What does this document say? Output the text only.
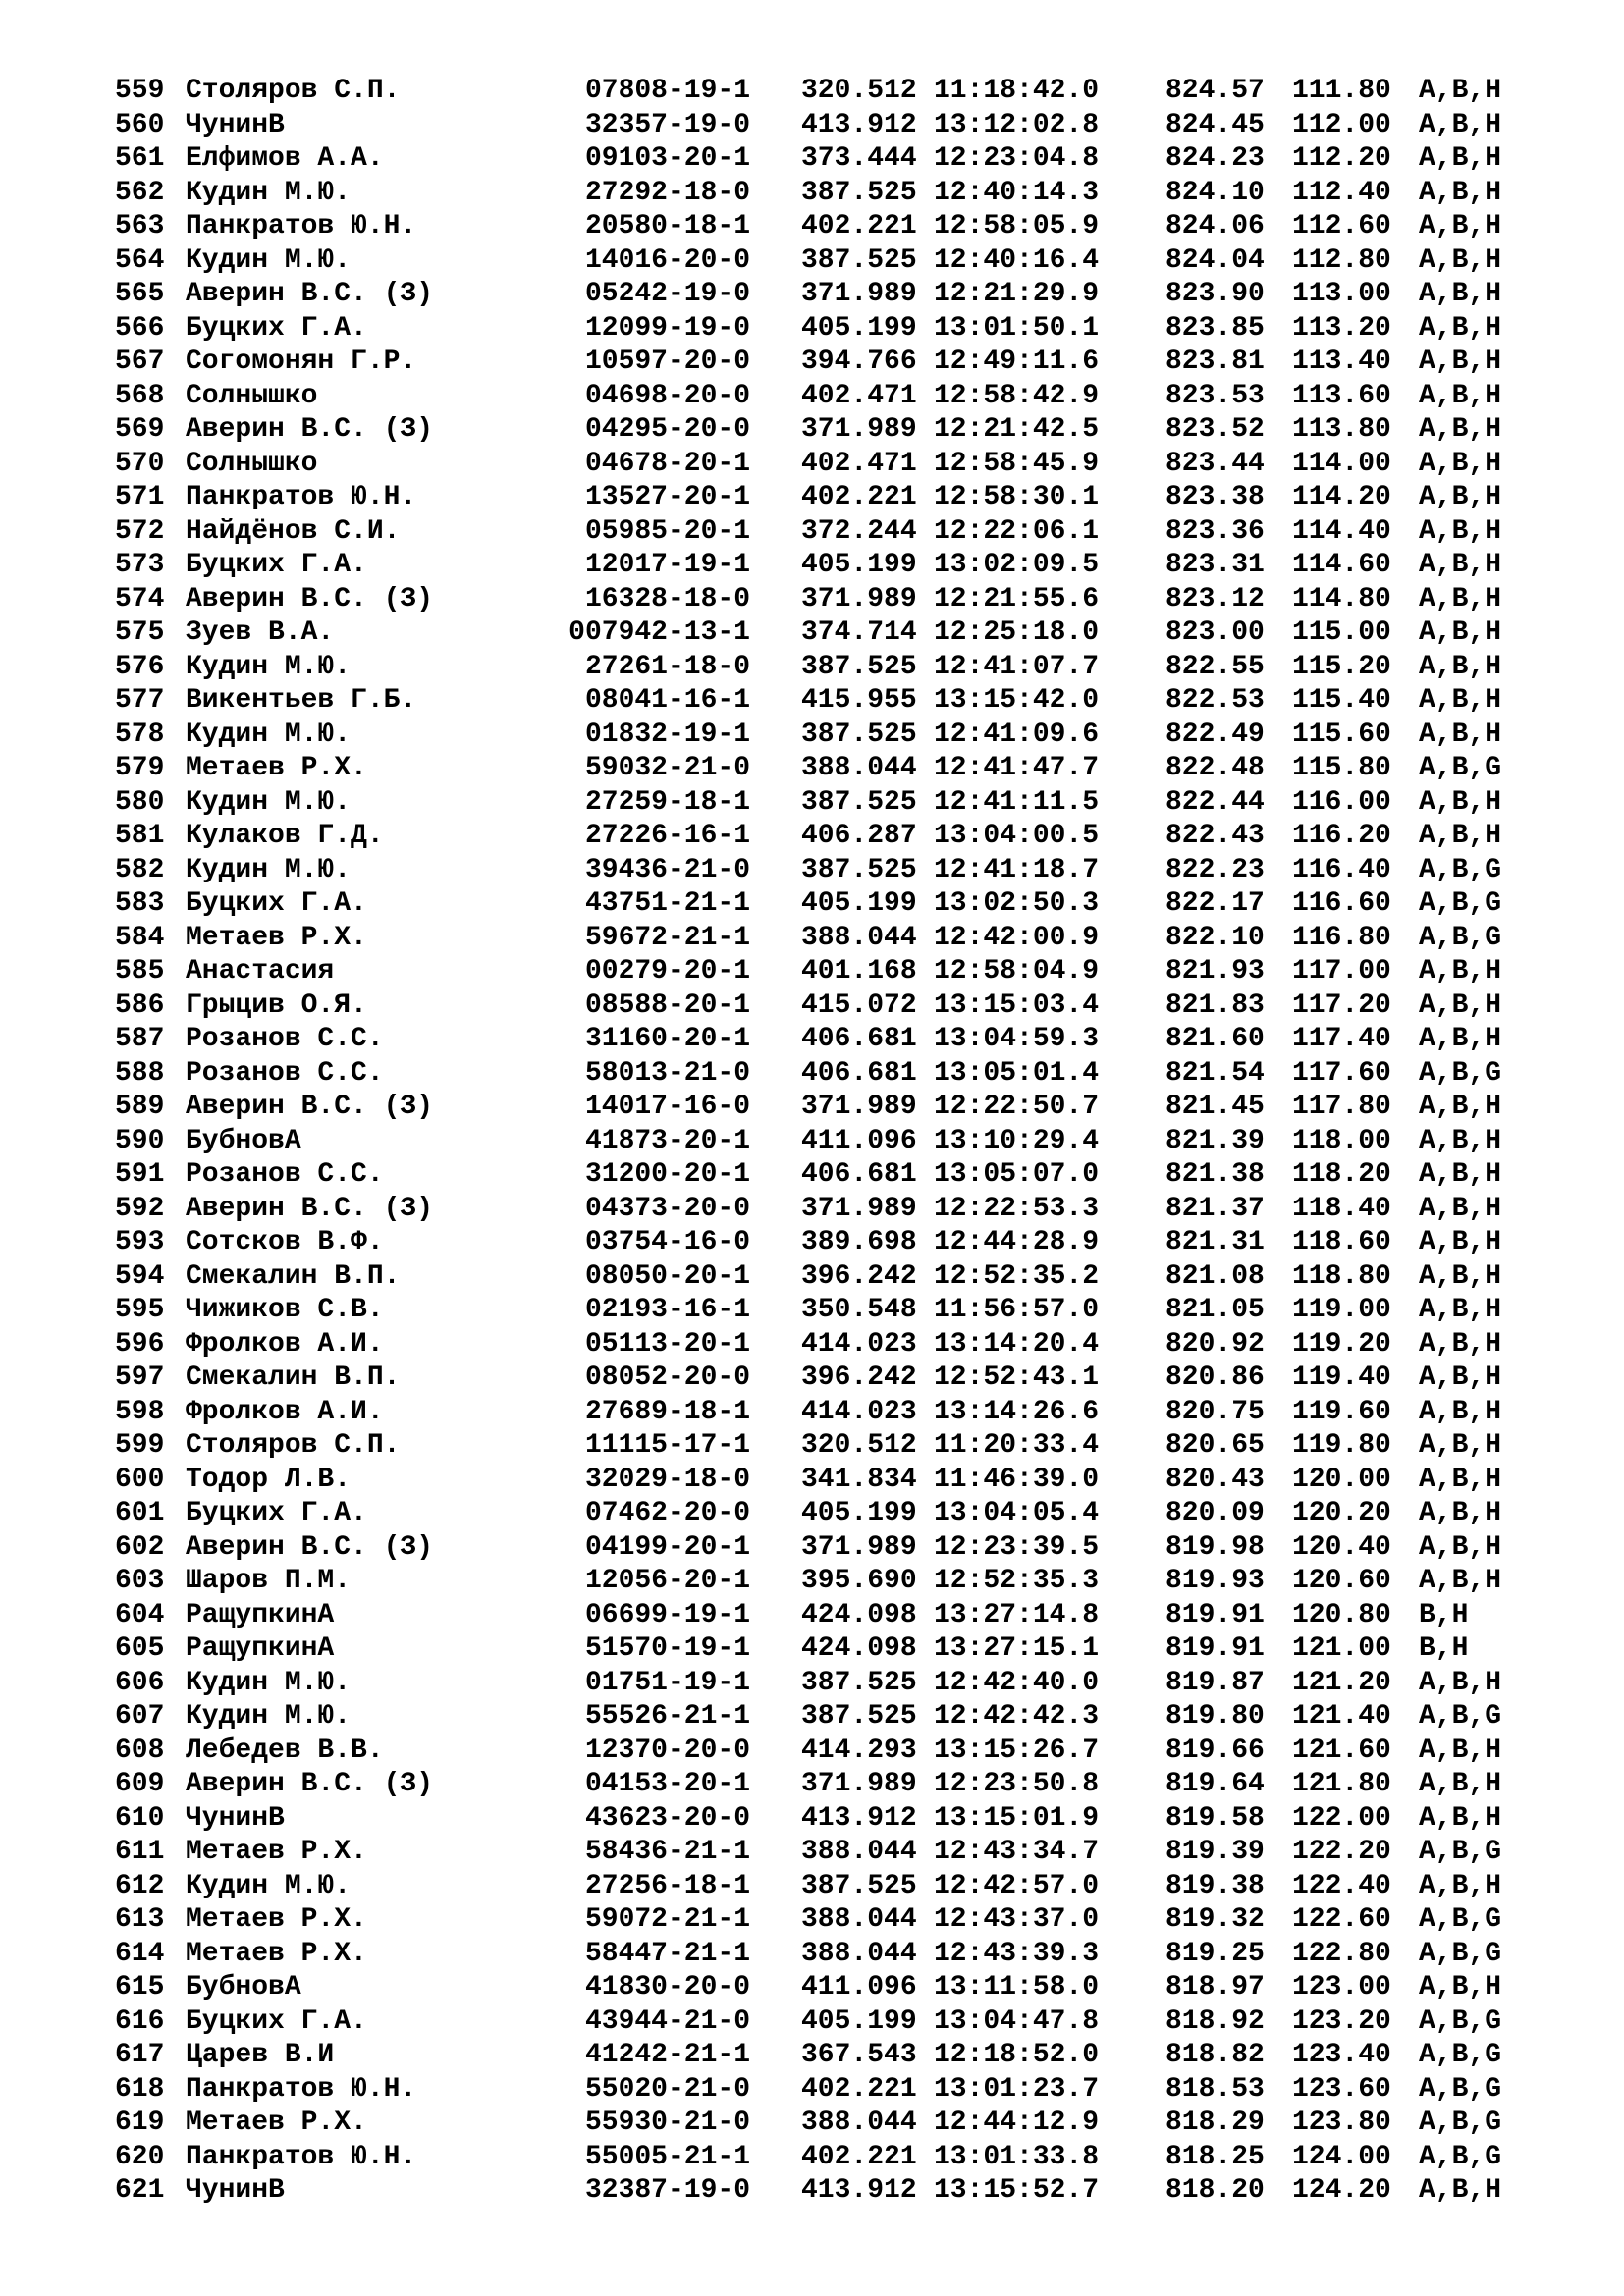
559 Столяров С.П.	07808-19-1 320.512 11:18:42.0 824.57 111.80 A,B,H
560 ЧунинВ	32357-19-0 413.912 13:12:02.8 824.45 112.00 A,B,H
561 Елфимов А.А.	09103-20-1 373.444 12:23:04.8 824.23 112.20 A,B,H
562 Кудин М.Ю.	27292-18-0 387.525 12:40:14.3 824.10 112.40 A,B,H
563 Панкратов Ю.Н.	20580-18-1 402.221 12:58:05.9 824.06 112.60 A,B,H
564 Кудин М.Ю.	14016-20-0 387.525 12:40:16.4 824.04 112.80 A,B,H
565 Аверин В.С. (З)	05242-19-0 371.989 12:21:29.9 823.90 113.00 A,B,H
566 Буцких Г.А.	12099-19-0 405.199 13:01:50.1 823.85 113.20 A,B,H
567 Согомонян Г.Р.	10597-20-0 394.766 12:49:11.6 823.81 113.40 A,B,H
568 Солнышко	04698-20-0 402.471 12:58:42.9 823.53 113.60 A,B,H
569 Аверин В.С. (З)	04295-20-0 371.989 12:21:42.5 823.52 113.80 A,B,H
570 Солнышко	04678-20-1 402.471 12:58:45.9 823.44 114.00 A,B,H
571 Панкратов Ю.Н.	13527-20-1 402.221 12:58:30.1 823.38 114.20 A,B,H
572 Найдёнов С.И.	05985-20-1 372.244 12:22:06.1 823.36 114.40 A,B,H
573 Буцких Г.А.	12017-19-1 405.199 13:02:09.5 823.31 114.60 A,B,H
574 Аверин В.С. (З)	16328-18-0 371.989 12:21:55.6 823.12 114.80 A,B,H
575 Зуев В.А.	007942-13-1 374.714 12:25:18.0 823.00 115.00 A,B,H
576 Кудин М.Ю.	27261-18-0 387.525 12:41:07.7 822.55 115.20 A,B,H
577 Викентьев Г.Б.	08041-16-1 415.955 13:15:42.0 822.53 115.40 A,B,H
578 Кудин М.Ю.	01832-19-1 387.525 12:41:09.6 822.49 115.60 A,B,H
579 Метаев Р.Х.	59032-21-0 388.044 12:41:47.7 822.48 115.80 A,B,G
580 Кудин М.Ю.	27259-18-1 387.525 12:41:11.5 822.44 116.00 A,B,H
581 Кулаков Г.Д.	27226-16-1 406.287 13:04:00.5 822.43 116.20 A,B,H
582 Кудин М.Ю.	39436-21-0 387.525 12:41:18.7 822.23 116.40 A,B,G
583 Буцких Г.А.	43751-21-1 405.199 13:02:50.3 822.17 116.60 A,B,G
584 Метаев Р.Х.	59672-21-1 388.044 12:42:00.9 822.10 116.80 A,B,G
585 Анастасия	00279-20-1 401.168 12:58:04.9 821.93 117.00 A,B,H
586 Грыцив О.Я.	08588-20-1 415.072 13:15:03.4 821.83 117.20 A,B,H
587 Розанов С.С.	31160-20-1 406.681 13:04:59.3 821.60 117.40 A,B,H
588 Розанов С.С.	58013-21-0 406.681 13:05:01.4 821.54 117.60 A,B,G
589 Аверин В.С. (З)	14017-16-0 371.989 12:22:50.7 821.45 117.80 A,B,H
590 БубновА	41873-20-1 411.096 13:10:29.4 821.39 118.00 A,B,H
591 Розанов С.С.	31200-20-1 406.681 13:05:07.0 821.38 118.20 A,B,H
592 Аверин В.С. (З)	04373-20-0 371.989 12:22:53.3 821.37 118.40 A,B,H
593 Сотсков В.Ф.	03754-16-0 389.698 12:44:28.9 821.31 118.60 A,B,H
594 Смекалин В.П.	08050-20-1 396.242 12:52:35.2 821.08 118.80 A,B,H
595 Чижиков С.В.	02193-16-1 350.548 11:56:57.0 821.05 119.00 A,B,H
596 Фролков А.И.	05113-20-1 414.023 13:14:20.4 820.92 119.20 A,B,H
597 Смекалин В.П.	08052-20-0 396.242 12:52:43.1 820.86 119.40 A,B,H
598 Фролков А.И.	27689-18-1 414.023 13:14:26.6 820.75 119.60 A,B,H
599 Столяров С.П.	11115-17-1 320.512 11:20:33.4 820.65 119.80 A,B,H
600 Тодор Л.В.	32029-18-0 341.834 11:46:39.0 820.43 120.00 A,B,H
601 Буцких Г.А.	07462-20-0 405.199 13:04:05.4 820.09 120.20 A,B,H
602 Аверин В.С. (З)	04199-20-1 371.989 12:23:39.5 819.98 120.40 A,B,H
603 Шаров П.М.	12056-20-1 395.690 12:52:35.3 819.93 120.60 A,B,H
604 РащупкинА	06699-19-1 424.098 13:27:14.8 819.91 120.80 B,H
605 РащупкинА	51570-19-1 424.098 13:27:15.1 819.91 121.00 B,H
606 Кудин М.Ю.	01751-19-1 387.525 12:42:40.0 819.87 121.20 A,B,H
607 Кудин М.Ю.	55526-21-1 387.525 12:42:42.3 819.80 121.40 A,B,G
608 Лебедев В.В.	12370-20-0 414.293 13:15:26.7 819.66 121.60 A,B,H
609 Аверин В.С. (З)	04153-20-1 371.989 12:23:50.8 819.64 121.80 A,B,H
610 ЧунинВ	43623-20-0 413.912 13:15:01.9 819.58 122.00 A,B,H
611 Метаев Р.Х.	58436-21-1 388.044 12:43:34.7 819.39 122.20 A,B,G
612 Кудин М.Ю.	27256-18-1 387.525 12:42:57.0 819.38 122.40 A,B,H
613 Метаев Р.Х.	59072-21-1 388.044 12:43:37.0 819.32 122.60 A,B,G
614 Метаев Р.Х.	58447-21-1 388.044 12:43:39.3 819.25 122.80 A,B,G
615 БубновА	41830-20-0 411.096 13:11:58.0 818.97 123.00 A,B,H
616 Буцких Г.А.	43944-21-0 405.199 13:04:47.8 818.92 123.20 A,B,G
617 Царев В.И	41242-21-1 367.543 12:18:52.0 818.82 123.40 A,B,G
618 Панкратов Ю.Н.	55020-21-0 402.221 13:01:23.7 818.53 123.60 A,B,G
619 Метаев Р.Х.	55930-21-0 388.044 12:44:12.9 818.29 123.80 A,B,G
620 Панкратов Ю.Н.	55005-21-1 402.221 13:01:33.8 818.25 124.00 A,B,G
621 ЧунинВ	32387-19-0 413.912 13:15:52.7 818.20 124.20 A,B,H
